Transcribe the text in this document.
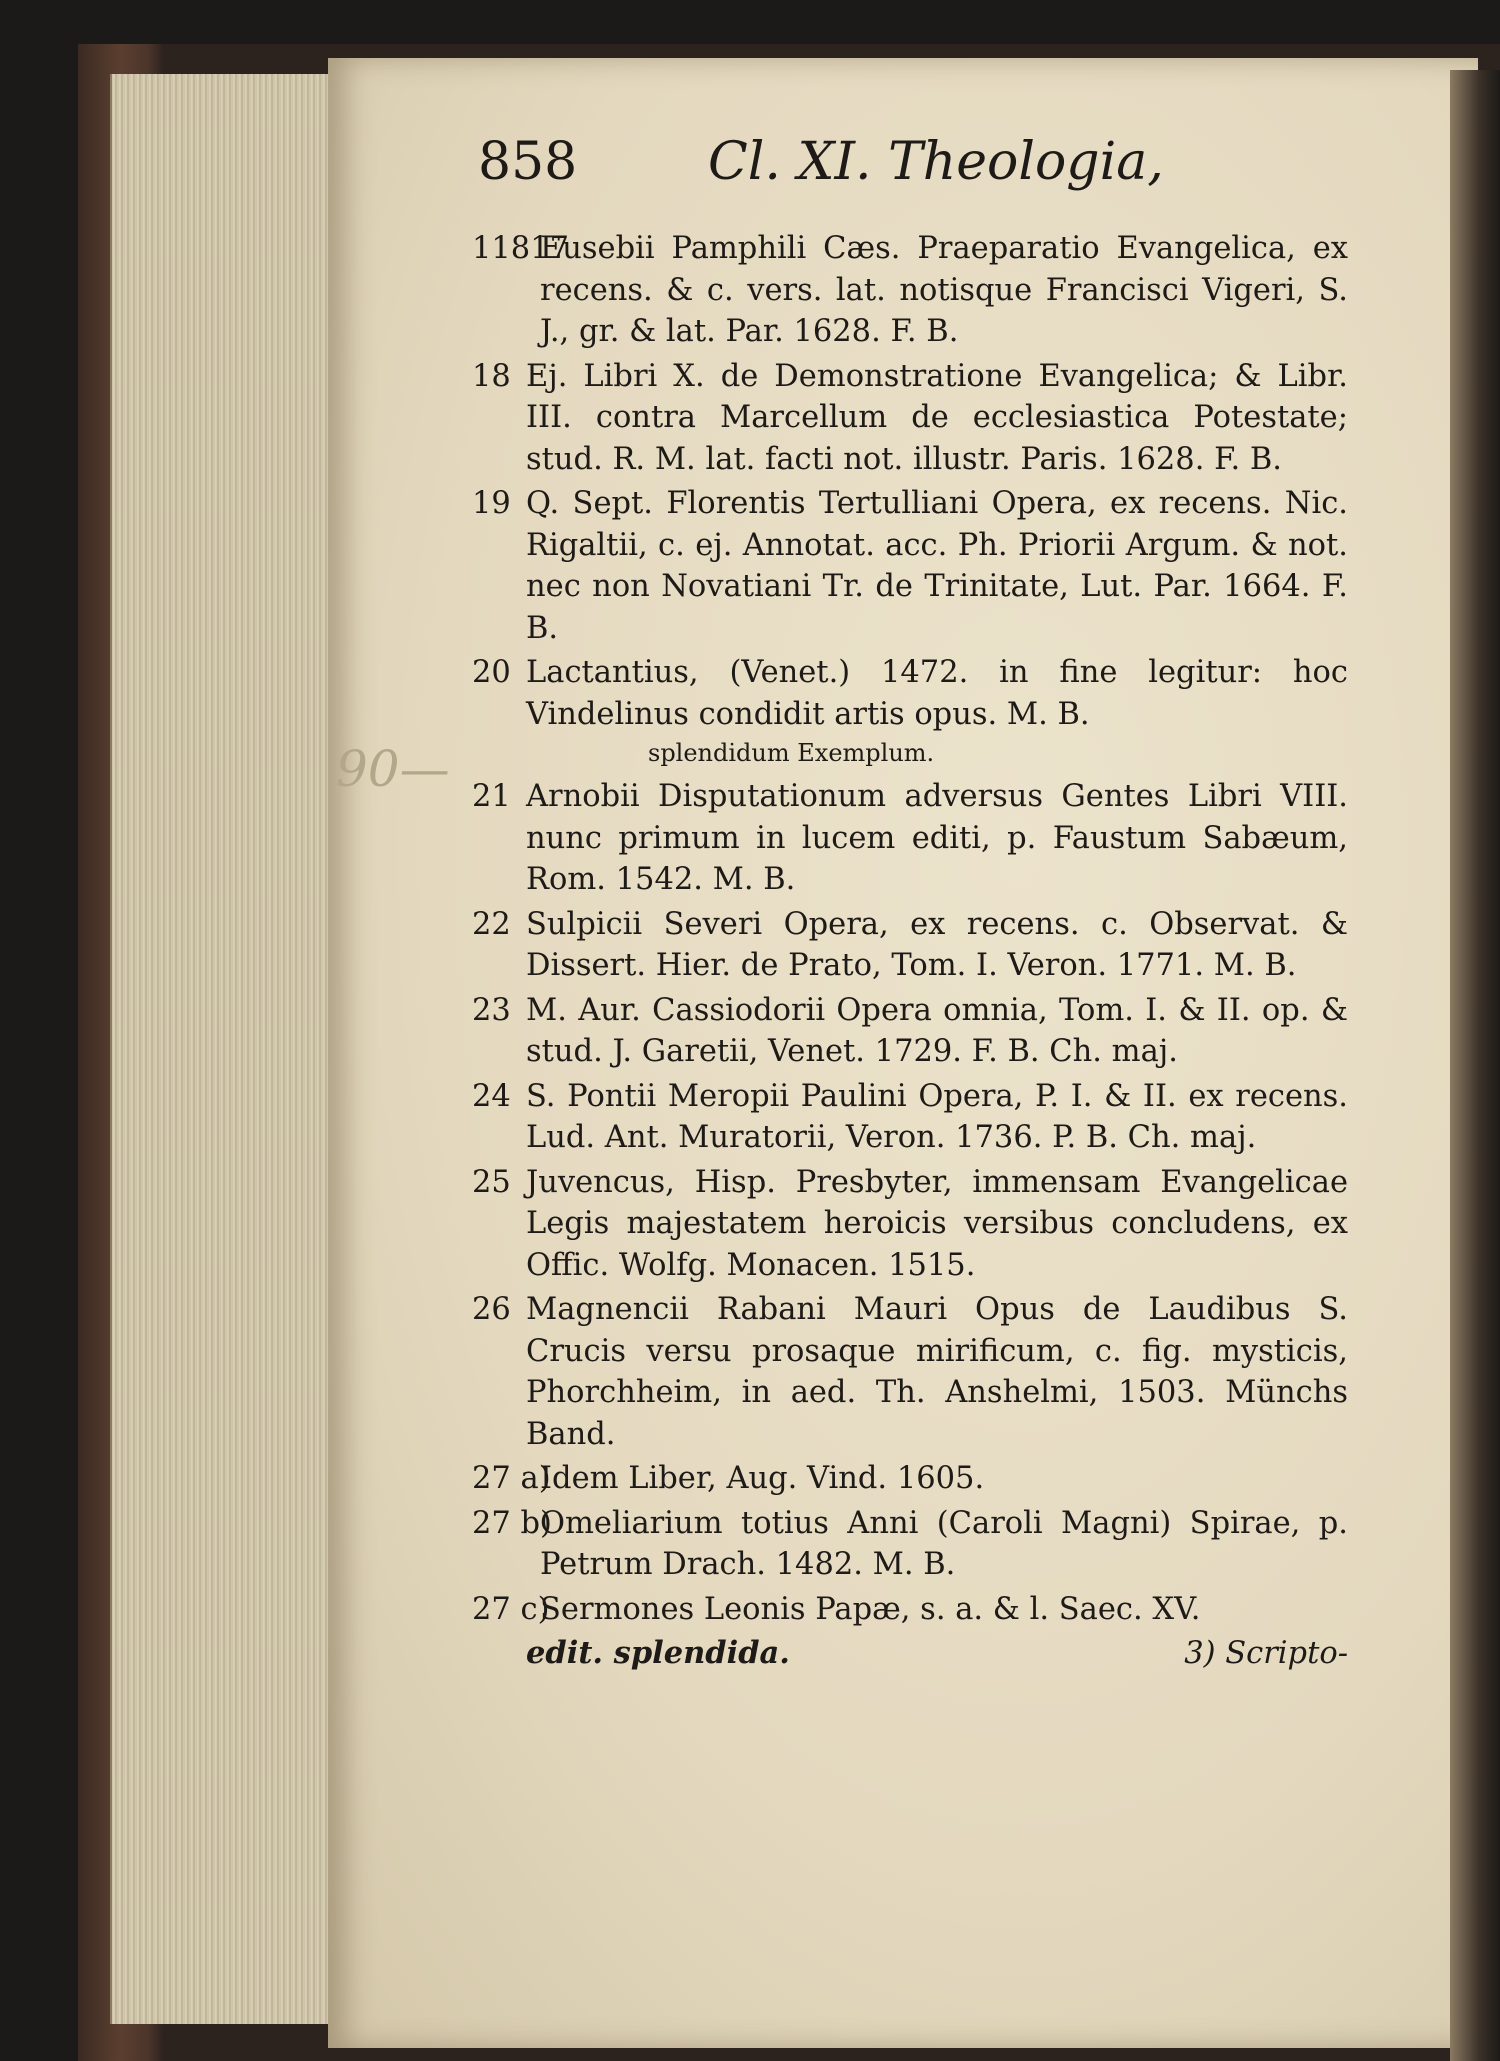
90—
858	Cl. XI. Theologia,
11817
Eusebii Pamphili Cæs. Praeparatio Evangelica, ex recens. & c. vers. lat. notisque Francisci Vigeri, S. J., gr. & lat. Par. 1628. F. B.
18 Ej. Libri X. de Demonstratione Evangelica; & Libr. III. contra Marcellum de ecclesiastica Potestate; stud. R. M. lat. facti not. illustr. Paris. 1628. F. B.
19 Q. Sept. Florentis Tertulliani Opera, ex recens. Nic. Rigaltii, c. ej. Annotat. acc. Ph. Priorii Argum. & not. nec non Novatiani Tr. de Trinitate, Lut. Par. 1664. F. B.
20 Lactantius, (Venet.) 1472. in fine legitur: hoc Vindelinus condidit artis opus. M. B.
splendidum Exemplum.
21 Arnobii Disputationum adversus Gentes Libri VIII. nunc primum in lucem editi, p. Faustum Sabæum, Rom. 1542. M. B.
22 Sulpicii Severi Opera, ex recens. c. Observat. & Dissert. Hier. de Prato, Tom. I. Veron. 1771. M. B.
23 M. Aur. Cassiodorii Opera omnia, Tom. I. & II. op. & stud. J. Garetii, Venet. 1729. F. B. Ch. maj.
24 S. Pontii Meropii Paulini Opera, P. I. & II. ex recens. Lud. Ant. Muratorii, Veron. 1736. P. B. Ch. maj.
25 Juvencus, Hisp. Presbyter, immensam Evangelicae Legis majestatem heroicis versibus concludens, ex Offic. Wolfg. Monacen. 1515.
26 Magnencii Rabani Mauri Opus de Laudibus S. Crucis versu prosaque mirificum, c. fig. mysticis, Phorchheim, in aed. Th. Anshelmi, 1503. Münchs Band.
27 a)
Idem Liber, Aug. Vind. 1605.
27 b)
Omeliarium totius Anni (Caroli Magni) Spirae, p. Petrum Drach. 1482. M. B.
27 c)
Sermones Leonis Papæ, s. a. & l. Saec. XV.
edit. splendida.	3) Scripto-
